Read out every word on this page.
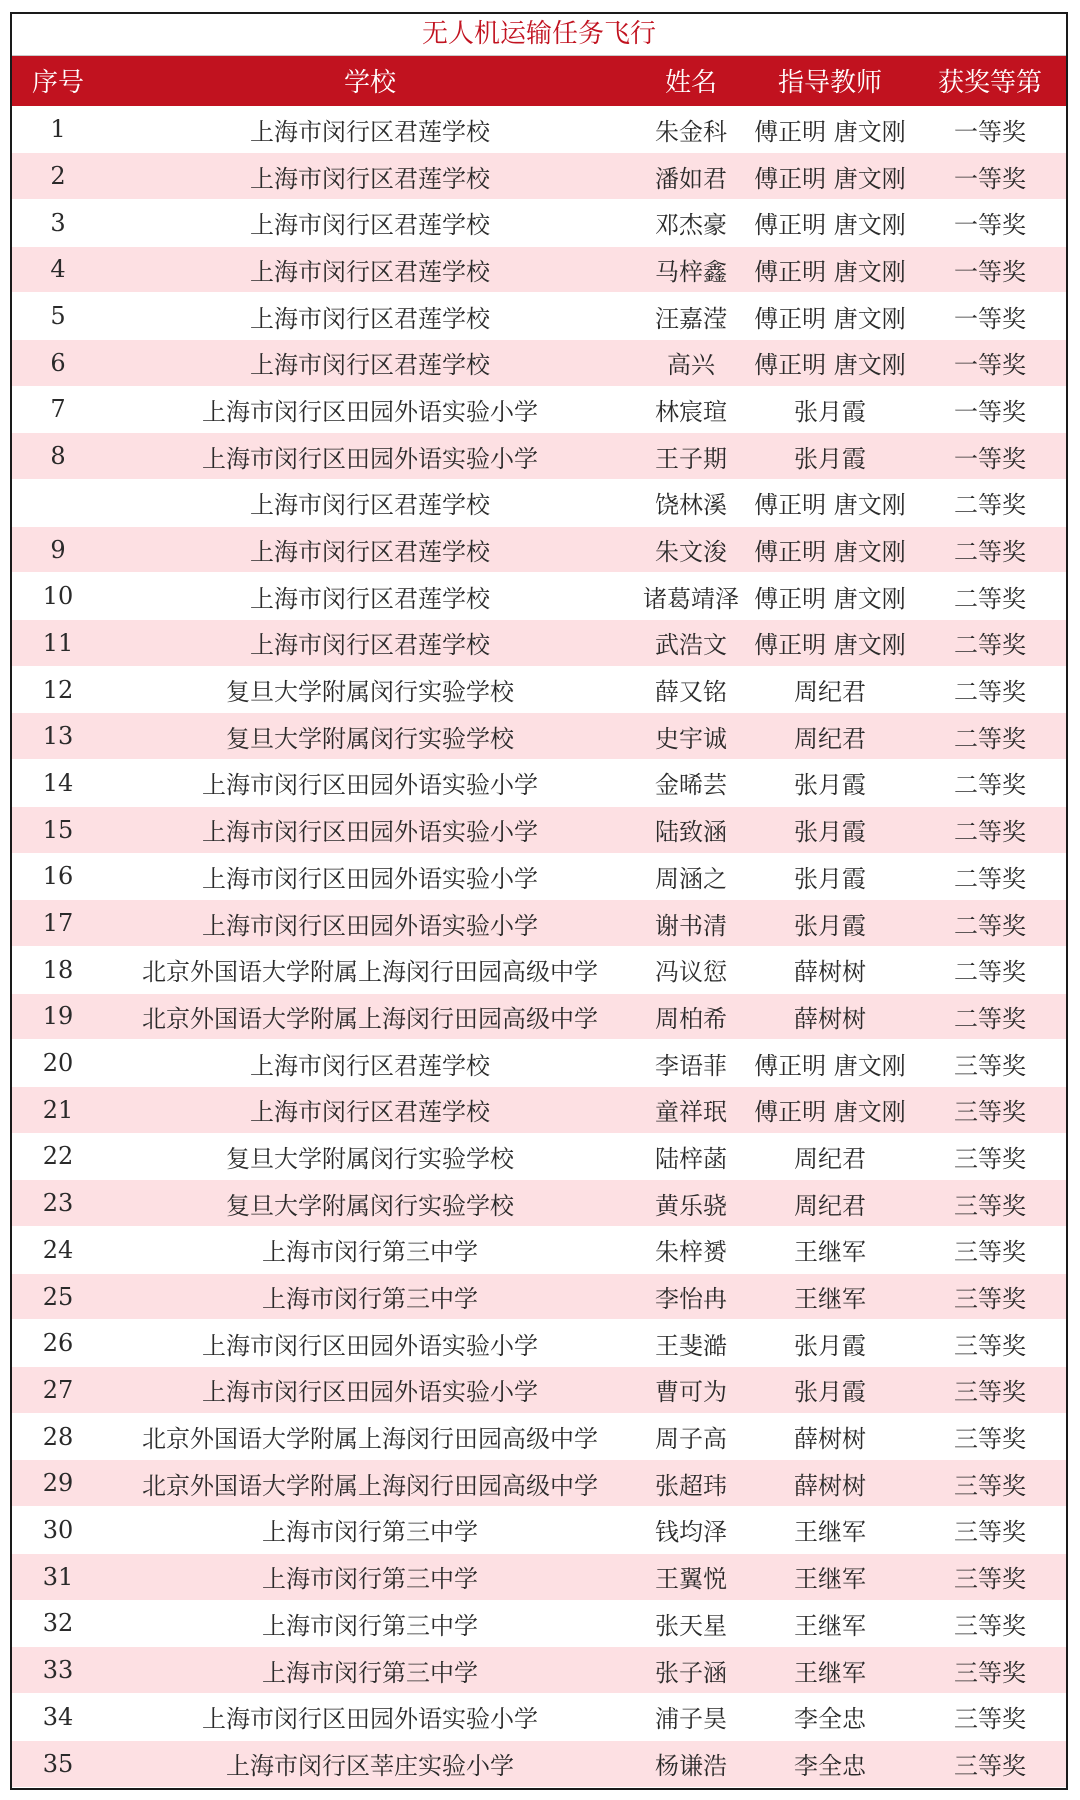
无人机运输任务飞行
序号	学校	姓名	指导教师	获奖等第
1	上海市闵行区君莲学校	朱金科	傅正明 唐文刚	一等奖
2	上海市闵行区君莲学校	潘如君	傅正明 唐文刚	一等奖
3	上海市闵行区君莲学校	邓杰豪	傅正明 唐文刚	一等奖
4	上海市闵行区君莲学校	马梓鑫	傅正明 唐文刚	一等奖
5	上海市闵行区君莲学校	汪嘉滢	傅正明 唐文刚	一等奖
6	上海市闵行区君莲学校	高兴	傅正明 唐文刚	一等奖
7	上海市闵行区田园外语实验小学	林宸瑄	张月霞	一等奖
8	上海市闵行区田园外语实验小学	王子期	张月霞	一等奖
	上海市闵行区君莲学校	饶林溪	傅正明 唐文刚	二等奖
9	上海市闵行区君莲学校	朱文浚	傅正明 唐文刚	二等奖
10	上海市闵行区君莲学校	诸葛靖泽	傅正明 唐文刚	二等奖
11	上海市闵行区君莲学校	武浩文	傅正明 唐文刚	二等奖
12	复旦大学附属闵行实验学校	薛又铭	周纪君	二等奖
13	复旦大学附属闵行实验学校	史宇诚	周纪君	二等奖
14	上海市闵行区田园外语实验小学	金晞芸	张月霞	二等奖
15	上海市闵行区田园外语实验小学	陆致涵	张月霞	二等奖
16	上海市闵行区田园外语实验小学	周涵之	张月霞	二等奖
17	上海市闵行区田园外语实验小学	谢书清	张月霞	二等奖
18	北京外国语大学附属上海闵行田园高级中学	冯议愆	薛树树	二等奖
19	北京外国语大学附属上海闵行田园高级中学	周柏希	薛树树	二等奖
20	上海市闵行区君莲学校	李语菲	傅正明 唐文刚	三等奖
21	上海市闵行区君莲学校	童祥珉	傅正明 唐文刚	三等奖
22	复旦大学附属闵行实验学校	陆梓菡	周纪君	三等奖
23	复旦大学附属闵行实验学校	黄乐骁	周纪君	三等奖
24	上海市闵行第三中学	朱梓赟	王继军	三等奖
25	上海市闵行第三中学	李怡冉	王继军	三等奖
26	上海市闵行区田园外语实验小学	王斐澔	张月霞	三等奖
27	上海市闵行区田园外语实验小学	曹可为	张月霞	三等奖
28	北京外国语大学附属上海闵行田园高级中学	周子高	薛树树	三等奖
29	北京外国语大学附属上海闵行田园高级中学	张超玮	薛树树	三等奖
30	上海市闵行第三中学	钱均泽	王继军	三等奖
31	上海市闵行第三中学	王翼悦	王继军	三等奖
32	上海市闵行第三中学	张天星	王继军	三等奖
33	上海市闵行第三中学	张子涵	王继军	三等奖
34	上海市闵行区田园外语实验小学	浦子昊	李全忠	三等奖
35	上海市闵行区莘庄实验小学	杨谦浩	李全忠	三等奖
